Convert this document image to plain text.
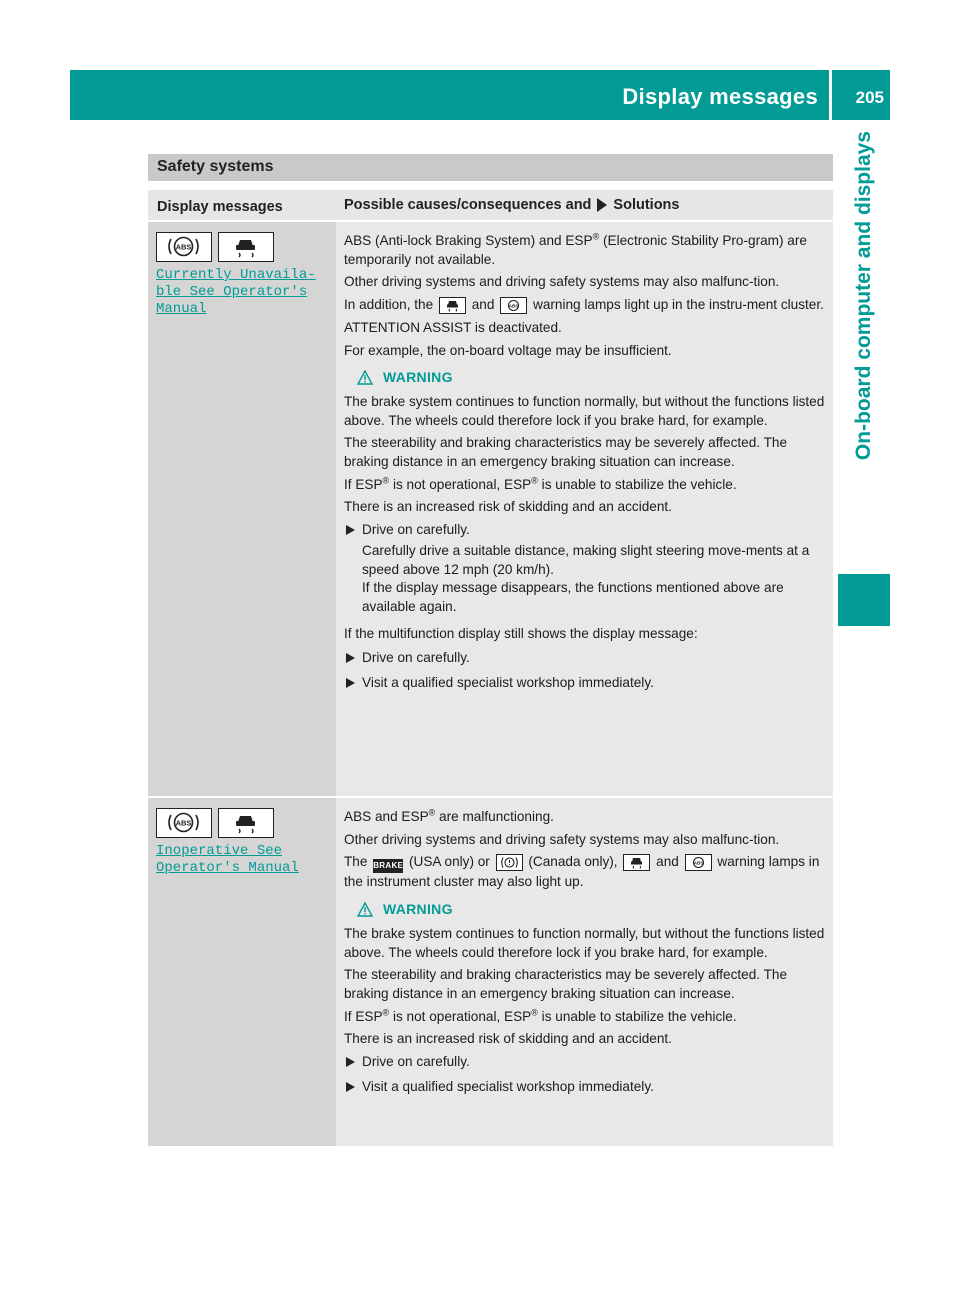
Display messages 205
On-board computer and displays
Safety systems
Display messages	Possible causes/consequences and Solutions
ABS
Currently Unavaila‐
ble See Operator's
Manual

ABS (Anti-lock Braking System) and ESP® (Electronic Stability Pro-gram) are temporarily not available.

Other driving systems and driving safety systems may also malfunc-tion.

In addition, the	and	ABS warning lamps light up in the instru-ment cluster.

ATTENTION ASSIST is deactivated.

For example, the on-board voltage may be insufficient.

WARNING

The brake system continues to function normally, but without the functions listed above. The wheels could therefore lock if you brake hard, for example.

The steerability and braking characteristics may be severely affected. The braking distance in an emergency braking situation can increase.

If ESP® is not operational, ESP® is unable to stabilize the vehicle.

There is an increased risk of skidding and an accident.

Drive on carefully.

Carefully drive a suitable distance, making slight steering move-ments at a speed above 12 mph (20 km/h).

If the display message disappears, the functions mentioned above are available again.

If the multifunction display still shows the display message:

Drive on carefully.

Visit a qualified specialist workshop immediately.

ABS
Inoperative See
Operator's Manual

ABS and ESP® are malfunctioning.

Other driving systems and driving safety systems may also malfunc-tion.

The BRAKE (USA only) or	(Canada only),	and	ABS warning lamps in the instrument cluster may also light up.

WARNING

The brake system continues to function normally, but without the functions listed above. The wheels could therefore lock if you brake hard, for example.

The steerability and braking characteristics may be severely affected. The braking distance in an emergency braking situation can increase.

If ESP® is not operational, ESP® is unable to stabilize the vehicle.

There is an increased risk of skidding and an accident.

Drive on carefully.

Visit a qualified specialist workshop immediately.
